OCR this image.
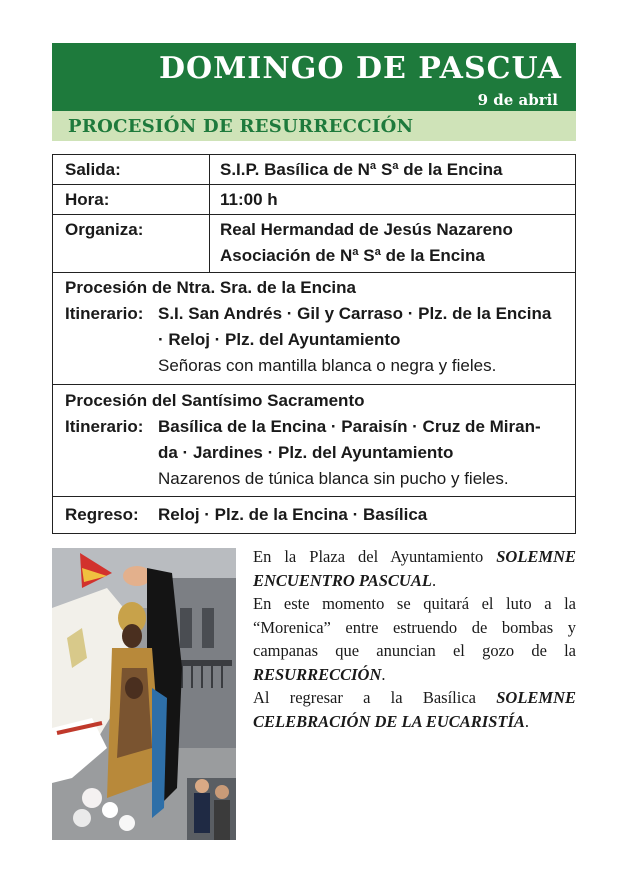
DOMINGO DE PASCUA
9 de abril
PROCESIÓN DE RESURRECCIÓN
Salida:	S.I.P. Basílica de Nª Sª de la Encina
Hora:	11:00 h
Organiza:	Real Hermandad de Jesús Nazareno
Asociación de Nª Sª de la Encina
Procesión de Ntra. Sra. de la Encina
Itinerario: S.I. San Andrés · Gil y Carraso · Plz. de la Encina
· Reloj · Plz. del Ayuntamiento
Señoras con mantilla blanca o negra y fieles.
Procesión del Santísimo Sacramento
Itinerario: Basílica de la Encina · Paraisín · Cruz de Miran-
da · Jardines · Plz. del Ayuntamiento
Nazarenos de túnica blanca sin pucho y fieles.
Regreso: Reloj · Plz. de la Encina · Basílica

En la Plaza del Ayuntamiento SOLEMNE ENCUENTRO PASCUAL.

En este momento se quitará el luto a la “Morenica” entre estruendo de bombas y campanas que anuncian el gozo de la RESURRECCIÓN.

Al regresar a la Basílica SOLEMNE CELEBRACIÓN DE LA EUCARISTÍA.
